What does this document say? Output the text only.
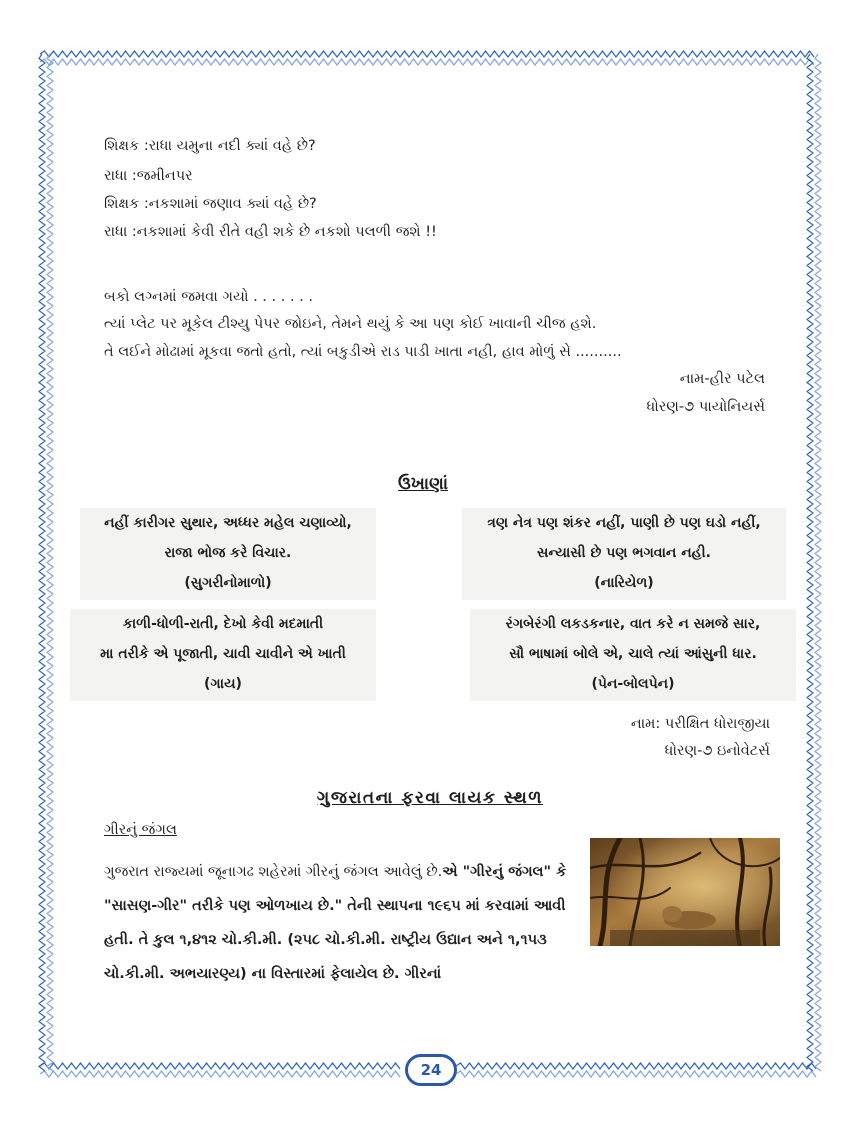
શિક્ષક :રાધા યમુના નદી ક્યાં વહે છે?
રાધા :જમીનપર
શિક્ષક :નકશામાં જણાવ ક્યાં વહે છે?
રાધા :નકશામાં કેવી રીતે વહી શકે છે નકશો પલળી જશે !!
બકો લગ્નમાં જમવા ગયો . . . . . . .
ત્યાં પ્લેટ પર મૂકેલ ટીશ્યુ પેપર જોઇને, તેમને થયું કે આ પણ કોઈ ખાવાની ચીજ હશે.
તે લઈને મોઢામાં મૂકવા જતો હતો, ત્યાં બકુડીએ રાડ પાડી ખાતા નહી, હાવ મોળું સે ..........
નામ-હીર પટેલ
ધોરણ-૭ પાયોનિયર્સ
ઉખાણાં
નહીં કારીગર સુથાર, અધ્ધર મહેલ ચણાવ્યો,
રાજા ભોજ કરે વિચાર.
(સુગરીનોમાળો)
ત્રણ નેત્ર પણ શંકર નહીં, પાણી છે પણ ઘડો નહીં,
સન્યાસી છે પણ ભગવાન નહી.
(નારિયેળ)
કાળી-ધોળી-રાતી, દેખો કેવી મદમાતી
મા તરીકે એ પૂજાતી, ચાવી ચાવીને એ ખાતી
(ગાય)
રંગબેરંગી લકડકનાર, વાત કરે ન સમજે સાર,
સૌ ભાષામાં બોલે એ, ચાલે ત્યાં આંસુની ધાર.
(પેન-બોલપેન)
નામ: પરીક્ષિત ધોરાજીયા
ધોરણ-૭ ઇનોવેટર્સ
ગુજરાતના ફરવા લાયક સ્થળ
ગીરનું જંગલ
ગુજરાત રાજ્યમાં જૂનાગઢ શહેરમાં ગીરનું જંગલ આવેલું છે.એ "ગીરનું જંગલ" કે "સાસણ-ગીર" તરીકે પણ ઓળખાય છે." તેની સ્થાપના ૧૯૬૫ માં કરવામાં આવી હતી. તે કુલ ૧,૪૧૨ ચો.કી.મી. (૨૫૮ ચો.કી.મી. રાષ્ટ્રીય ઉદ્યાન અને ૧,૧૫૩ ચો.કી.મી. અભયારણ્ય) ના વિસ્તારમાં ફેલાયેલ છે. ગીરનાં
24
